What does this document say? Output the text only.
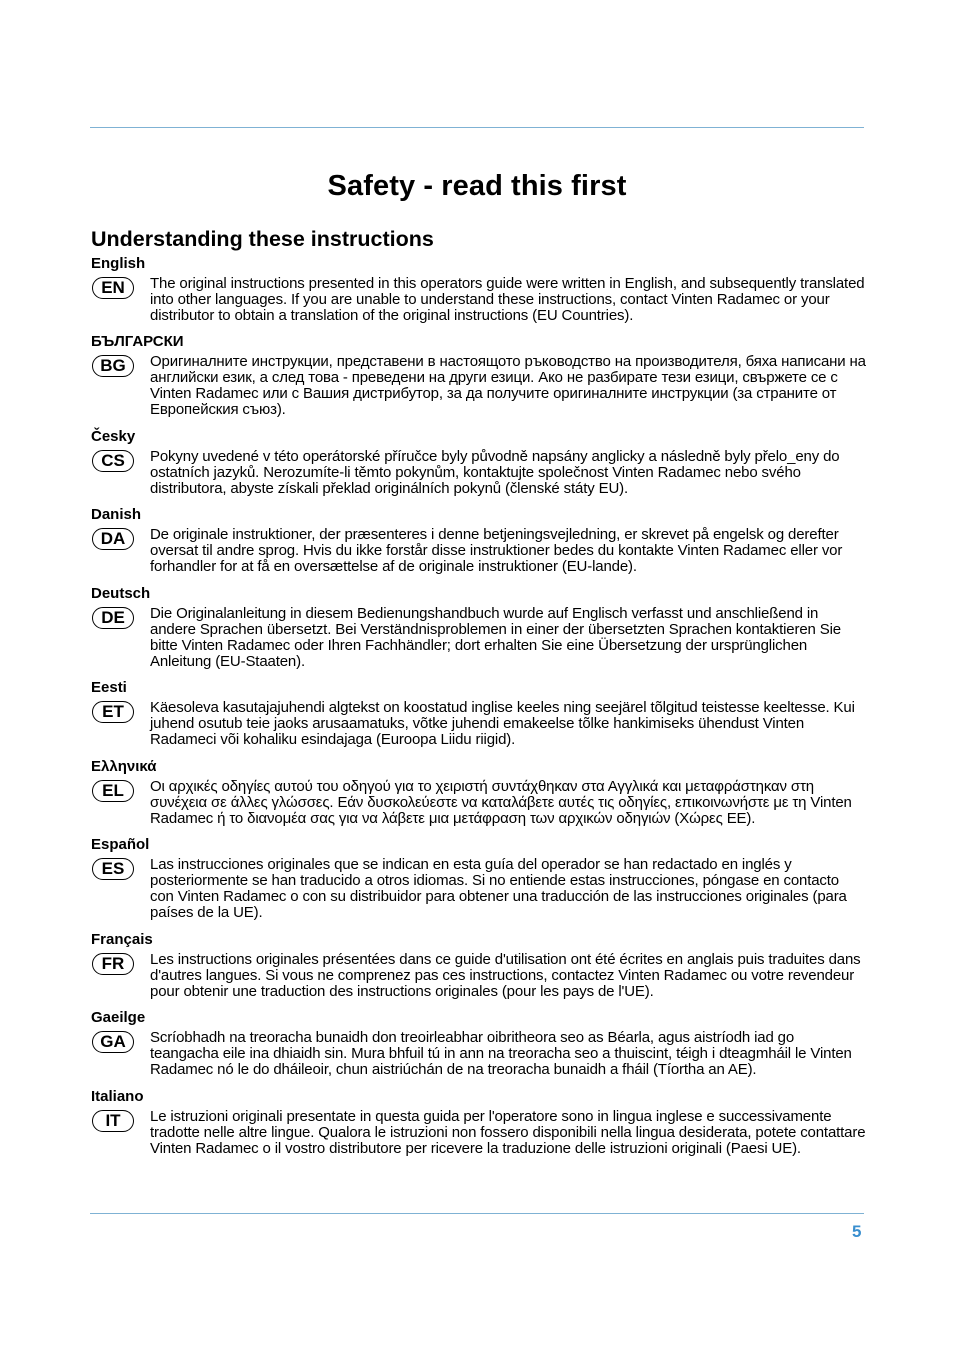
Safety - read this first
Understanding these instructions
English
EN	The original instructions presented in this operators guide were written in English, and subsequently translated into other languages. If you are unable to understand these instructions, contact Vinten Radamec or your distributor to obtain a translation of the original instructions (EU Countries).
БЪЛГАРСКИ
BG	Оригиналните инструкции, представени в настоящото ръководство на производителя, бяха написани на английски език, а след това - преведени на други езици. Ако не разбирате тези езици, свържете се с Vinten Radamec или с Вашия дистрибутор, за да получите оригиналните инструкции (за страните от Европейския съюз).
Česky
CS	Pokyny uvedené v této operátorské příručce byly původně napsány anglicky a následně byly přelo_eny do ostatních jazyků. Nerozumíte-li těmto pokynům, kontaktujte společnost Vinten Radamec nebo svého distributora, abyste získali překlad originálních pokynů (členské státy EU).
Danish
DA	De originale instruktioner, der præsenteres i denne betjeningsvejledning, er skrevet på engelsk og derefter oversat til andre sprog. Hvis du ikke forstår disse instruktioner bedes du kontakte Vinten Radamec eller vor forhandler for at få en oversættelse af de originale instruktioner (EU-lande).
Deutsch
DE	Die Originalanleitung in diesem Bedienungshandbuch wurde auf Englisch verfasst und anschließend in andere Sprachen übersetzt. Bei Verständnisproblemen in einer der übersetzten Sprachen kontaktieren Sie bitte Vinten Radamec oder Ihren Fachhändler; dort erhalten Sie eine Übersetzung der ursprünglichen Anleitung (EU-Staaten).
Eesti
ET	Käesoleva kasutajajuhendi algtekst on koostatud inglise keeles ning seejärel tõlgitud teistesse keeltesse. Kui juhend osutub teie jaoks arusaamatuks, võtke juhendi emakeelse tõlke hankimiseks ühendust Vinten Radameci või kohaliku esindajaga (Euroopa Liidu riigid).
Ελληνικά
EL	Οι αρχικές οδηγίες αυτού του οδηγού για το χειριστή συντάχθηκαν στα Αγγλικά και μεταφράστηκαν στη συνέχεια σε άλλες γλώσσες. Εάν δυσκολεύεστε να καταλάβετε αυτές τις οδηγίες, επικοινωνήστε με τη Vinten Radamec ή το διανομέα σας για να λάβετε μια μετάφραση των αρχικών οδηγιών (Χώρες ΕΕ).
Español
ES	Las instrucciones originales que se indican en esta guía del operador se han redactado en inglés y posteriormente se han traducido a otros idiomas. Si no entiende estas instrucciones, póngase en contacto con Vinten Radamec o con su distribuidor para obtener una traducción de las instrucciones originales (para países de la UE).
Français
FR	Les instructions originales présentées dans ce guide d'utilisation ont été écrites en anglais puis traduites dans d'autres langues. Si vous ne comprenez pas ces instructions, contactez Vinten Radamec ou votre revendeur pour obtenir une traduction des instructions originales (pour les pays de l'UE).
Gaeilge
GA	Scríobhadh na treoracha bunaidh don treoirleabhar oibritheora seo as Béarla, agus aistríodh iad go teangacha eile ina dhiaidh sin. Mura bhfuil tú in ann na treoracha seo a thuiscint, téigh i dteagmháil le Vinten Radamec nó le do dháileoir, chun aistriúchán de na treoracha bunaidh a fháil (Tíortha an AE).
Italiano
IT	Le istruzioni originali presentate in questa guida per l'operatore sono in lingua inglese e successivamente tradotte nelle altre lingue. Qualora le istruzioni non fossero disponibili nella lingua desiderata, potete contattare Vinten Radamec o il vostro distributore per ricevere la traduzione delle istruzioni originali (Paesi UE).
5
